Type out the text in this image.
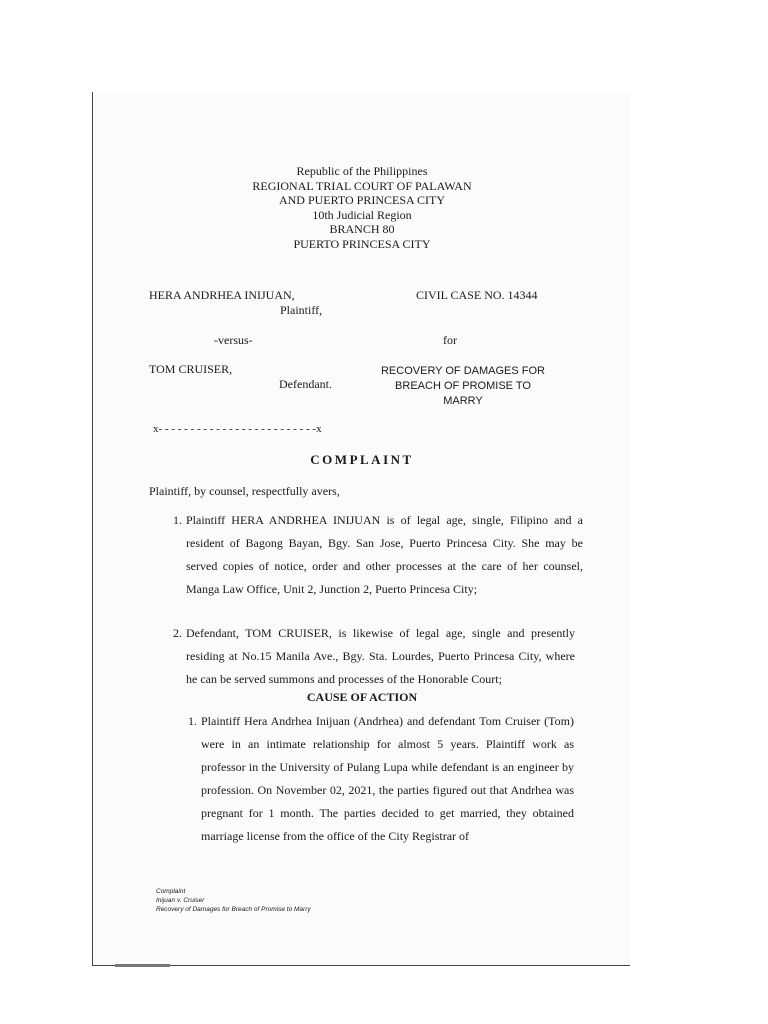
Republic of the Philippines
REGIONAL TRIAL COURT OF PALAWAN
AND PUERTO PRINCESA CITY
10th Judicial Region
BRANCH 80
PUERTO PRINCESA CITY
HERA ANDRHEA INIJUAN,
Plaintiff,
CIVIL CASE NO. 14344
-versus-	for
TOM CRUISER,
Defendant.
RECOVERY OF DAMAGES FOR
BREACH OF PROMISE TO
MARRY
x- - - - - - - - - - - - - - - - - - - - - - - - -x
COMPLAINT
Plaintiff, by counsel, respectfully avers,
1. Plaintiff HERA ANDRHEA INIJUAN is of legal age, single, Filipino and a resident of Bagong Bayan, Bgy. San Jose, Puerto Princesa City. She may be served copies of notice, order and other processes at the care of her counsel, Manga Law Office, Unit 2, Junction 2, Puerto Princesa City;
2. Defendant, TOM CRUISER, is likewise of legal age, single and presently residing at No.15 Manila Ave., Bgy. Sta. Lourdes, Puerto Princesa City, where he can be served summons and processes of the Honorable Court;
CAUSE OF ACTION
1. Plaintiff Hera Andrhea Inijuan (Andrhea) and defendant Tom Cruiser (Tom) were in an intimate relationship for almost 5 years. Plaintiff work as professor in the University of Pulang Lupa while defendant is an engineer by profession. On November 02, 2021, the parties figured out that Andrhea was pregnant for 1 month. The parties decided to get married, they obtained marriage license from the office of the City Registrar of
Complaint
Inijuan v. Cruiser
Recovery of Damages for Breach of Promise to Marry
